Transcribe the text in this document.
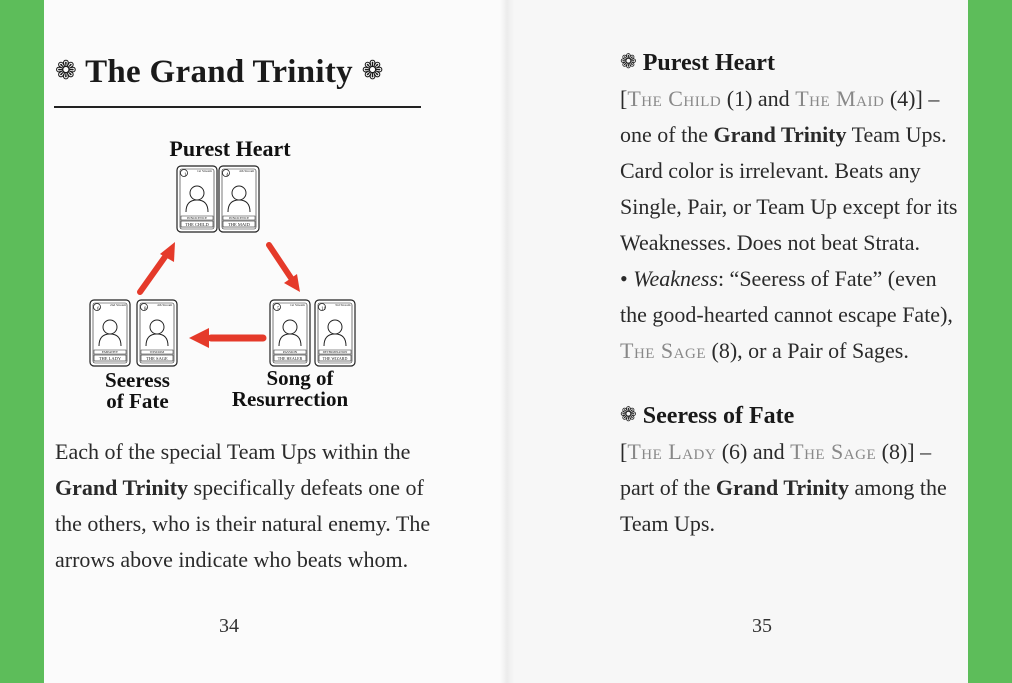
❁ The Grand Trinity ❁
1
1st Stream
INNOCENCE
THE CHILD
4
4th Stream
INNOCENCE
THE MAID
6
2nd Stream
EMPATHY
THE LADY
8
4th Stream
WISDOM
THE SAGE
5
1st Stream
PASSION
THE HEALER
11
3rd Stream
DETERMINATION
THE WIZARD
Purest Heart
Seeress
of Fate
Song of
Resurrection

Each of the special Team Ups within the Grand Trinity specifically defeats one of the others, who is their natural enemy. The arrows above indicate who beats whom.

34
❁ Purest Heart

[The Child (1) and The Maid (4)] – one of the Grand Trinity Team Ups. Card color is irrelevant. Beats any Single, Pair, or Team Up except for its Weaknesses. Does not beat Strata.

• Weakness: “Seeress of Fate” (even the good-hearted cannot escape Fate), The Sage (8), or a Pair of Sages.

❁ Seeress of Fate

[The Lady (6) and The Sage (8)] – part of the Grand Trinity among the Team Ups.

35
